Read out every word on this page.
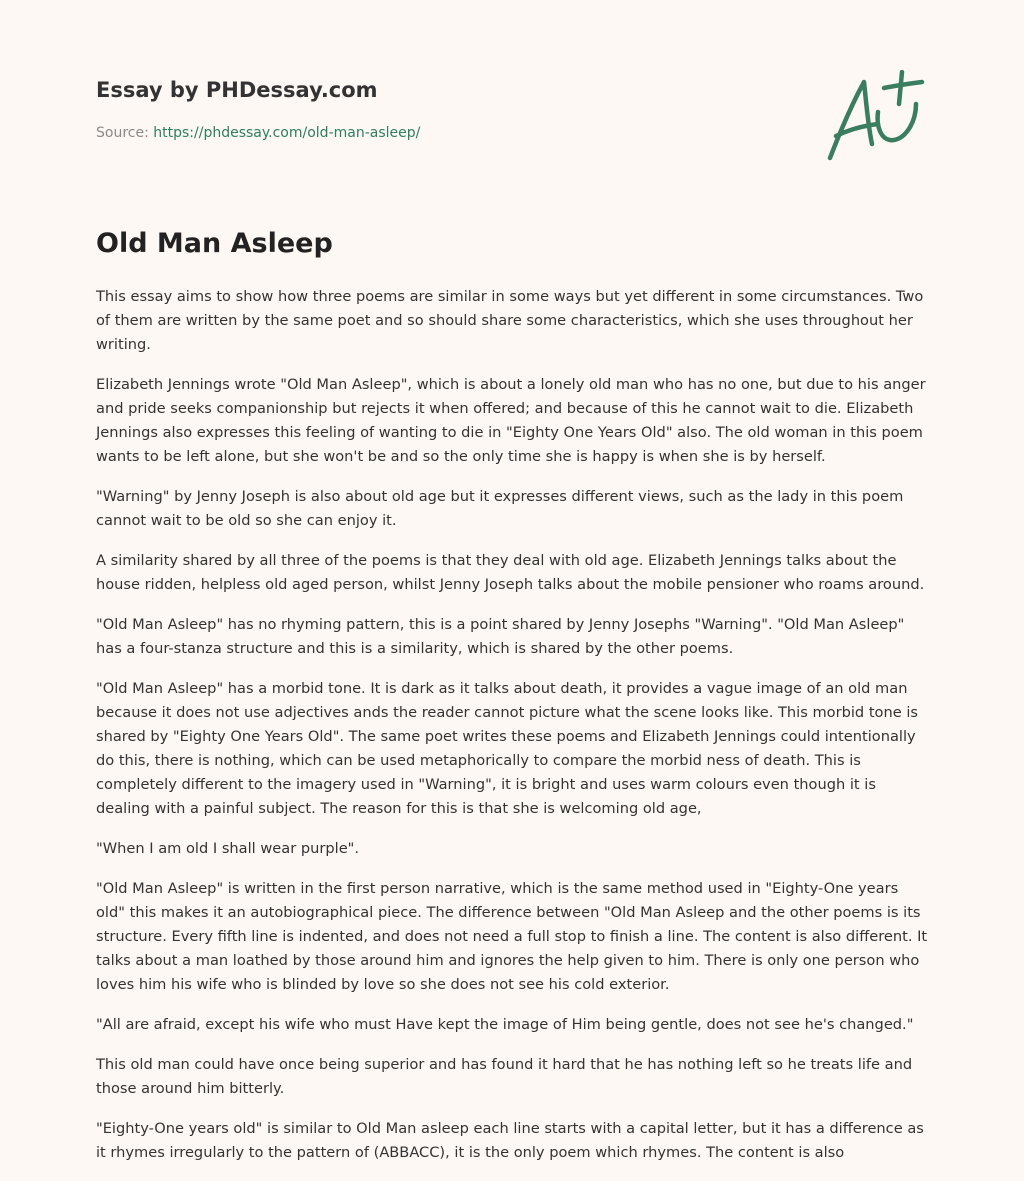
Essay by PHDessay.com
Source: https://phdessay.com/old-man-asleep/
Old Man Asleep

This essay aims to show how three poems are similar in some ways but yet different in some circumstances. Two of them are written by the same poet and so should share some characteristics, which she uses throughout her writing.

Elizabeth Jennings wrote "Old Man Asleep", which is about a lonely old man who has no one, but due to his anger and pride seeks companionship but rejects it when offered; and because of this he cannot wait to die. Elizabeth Jennings also expresses this feeling of wanting to die in "Eighty One Years Old" also. The old woman in this poem wants to be left alone, but she won't be and so the only time she is happy is when she is by herself.

"Warning" by Jenny Joseph is also about old age but it expresses different views, such as the lady in this poem cannot wait to be old so she can enjoy it.

A similarity shared by all three of the poems is that they deal with old age. Elizabeth Jennings talks about the house ridden, helpless old aged person, whilst Jenny Joseph talks about the mobile pensioner who roams around.

"Old Man Asleep" has no rhyming pattern, this is a point shared by Jenny Josephs "Warning". "Old Man Asleep" has a four-stanza structure and this is a similarity, which is shared by the other poems.

"Old Man Asleep" has a morbid tone. It is dark as it talks about death, it provides a vague image of an old man because it does not use adjectives ands the reader cannot picture what the scene looks like. This morbid tone is shared by "Eighty One Years Old". The same poet writes these poems and Elizabeth Jennings could intentionally do this, there is nothing, which can be used metaphorically to compare the morbid ness of death. This is completely different to the imagery used in "Warning", it is bright and uses warm colours even though it is dealing with a painful subject. The reason for this is that she is welcoming old age,

"When I am old I shall wear purple".

"Old Man Asleep" is written in the first person narrative, which is the same method used in "Eighty-One years old" this makes it an autobiographical piece. The difference between "Old Man Asleep and the other poems is its structure. Every fifth line is indented, and does not need a full stop to finish a line. The content is also different. It talks about a man loathed by those around him and ignores the help given to him. There is only one person who loves him his wife who is blinded by love so she does not see his cold exterior.

"All are afraid, except his wife who must Have kept the image of Him being gentle, does not see he's changed."

This old man could have once being superior and has found it hard that he has nothing left so he treats life and those around him bitterly.

"Eighty-One years old" is similar to Old Man asleep each line starts with a capital letter, but it has a difference as it rhymes irregularly to the pattern of (ABBACC), it is the only poem which rhymes. The content is also
